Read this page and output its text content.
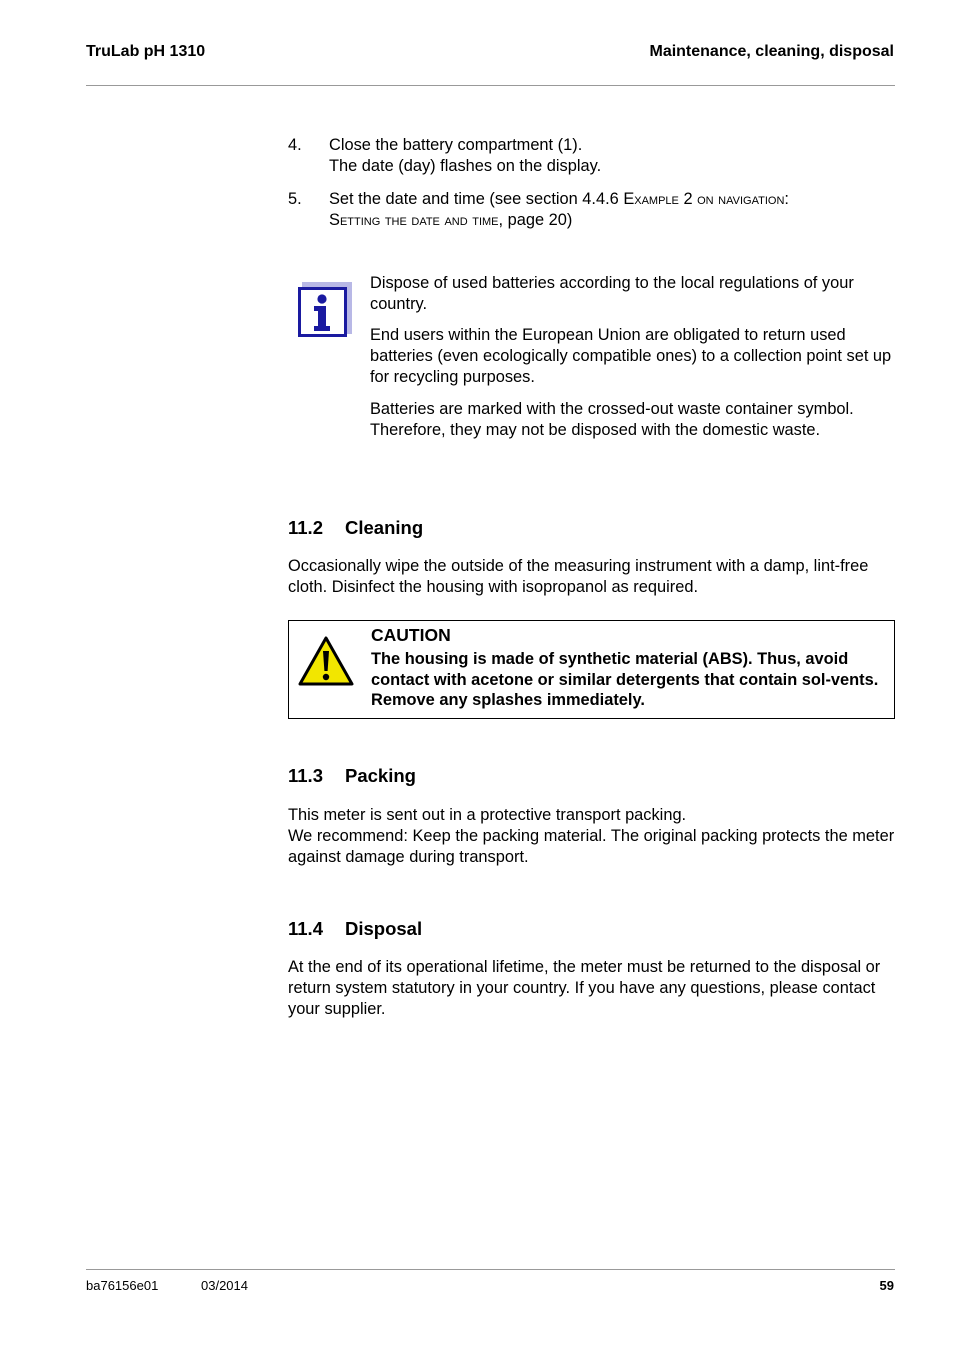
TruLab pH 1310	Maintenance, cleaning, disposal
4. Close the battery compartment (1).
The date (day) flashes on the display.
5. Set the date and time (see section 4.4.6 Example 2 on navigation:
Setting the date and time, page 20)
Dispose of used batteries according to the local regulations of your country.
End users within the European Union are obligated to return used batteries (even ecologically compatible ones) to a collection point set up for recycling purposes.
Batteries are marked with the crossed-out waste container symbol. Therefore, they may not be disposed with the domestic waste.
11.2 Cleaning
Occasionally wipe the outside of the measuring instrument with a damp, lint-free cloth. Disinfect the housing with isopropanol as required.
CAUTION
The housing is made of synthetic material (ABS). Thus, avoid contact with acetone or similar detergents that contain sol-vents. Remove any splashes immediately.
11.3 Packing
This meter is sent out in a protective transport packing.
We recommend: Keep the packing material. The original packing protects the meter against damage during transport.
11.4 Disposal
At the end of its operational lifetime, the meter must be returned to the disposal or return system statutory in your country. If you have any questions, please contact your supplier.
ba76156e01	03/2014	59
